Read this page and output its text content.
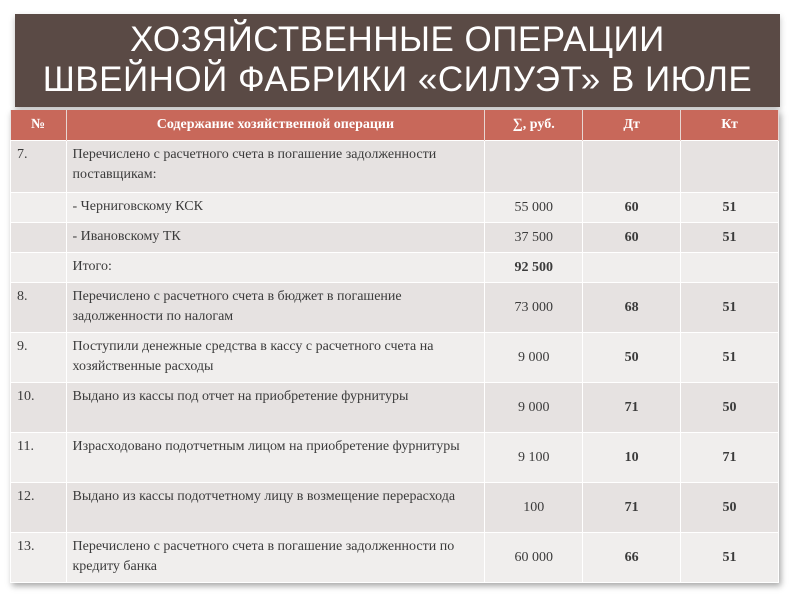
ХОЗЯЙСТВЕННЫЕ ОПЕРАЦИИ
ШВЕЙНОЙ ФАБРИКИ «СИЛУЭТ» В ИЮЛЕ
№	Содержание хозяйственной операции	∑, руб.	Дт	Кт
7.	Перечислено с расчетного счета в погашение задолженности поставщикам:			
	- Черниговскому КСК	55 000	60	51
	- Ивановскому ТК	37 500	60	51
	Итого:	92 500		
8.	Перечислено с расчетного счета в бюджет в погашение задолженности по налогам	73 000	68	51
9.	Поступили денежные средства в кассу с расчетного счета на хозяйственные расходы	9 000	50	51
10.	Выдано из кассы под отчет на приобретение фурнитуры	9 000	71	50
11.	Израсходовано подотчетным лицом на приобретение фурнитуры	9 100	10	71
12.	Выдано из кассы подотчетному лицу в возмещение перерасхода	100	71	50
13.	Перечислено с расчетного счета в погашение задолженности по кредиту банка	60 000	66	51
